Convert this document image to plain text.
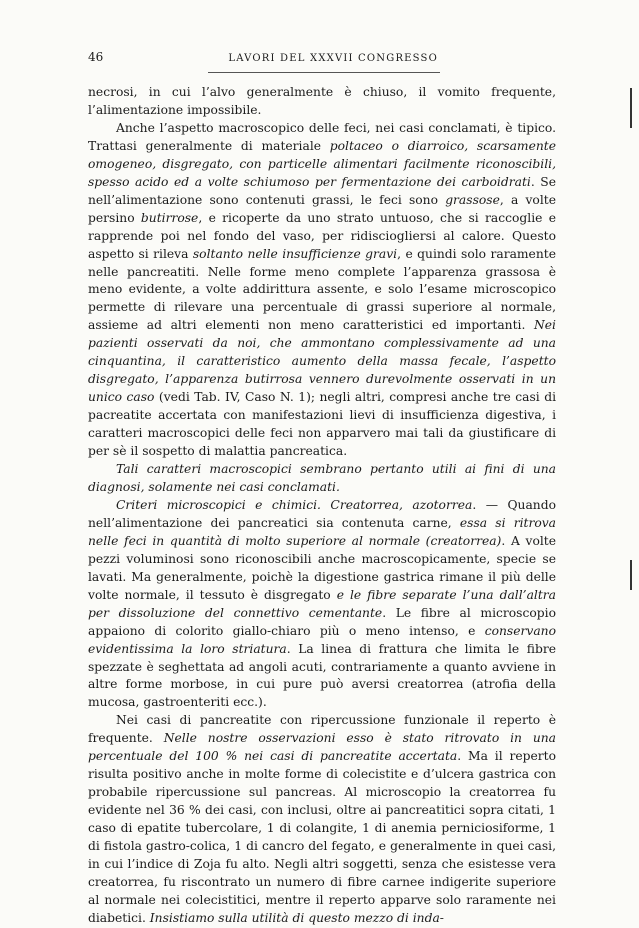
46	LAVORI DEL XXXVII CONGRESSO

necrosi, in cui l’alvo generalmente è chiuso, il vomito frequente, l’alimentazione impossibile.

Anche l’aspetto macroscopico delle feci, nei casi conclamati, è tipico. Trattasi generalmente di materiale poltaceo o diarroico, scarsamente omogeneo, disgregato, con particelle alimentari facilmente riconoscibili, spesso acido ed a volte schiumoso per fermentazione dei carboidrati. Se nell’alimentazione sono contenuti grassi, le feci sono grassose, a volte persino butirrose, e ricoperte da uno strato untuoso, che si raccoglie e rapprende poi nel fondo del vaso, per ridisciogliersi al calore. Questo aspetto si rileva soltanto nelle insufficienze gravi, e quindi solo raramente nelle pancreatiti. Nelle forme meno complete l’apparenza grassosa è meno evidente, a volte addirittura assente, e solo l’esame microscopico permette di rilevare una percentuale di grassi superiore al normale, assieme ad altri elementi non meno caratteristici ed importanti. Nei pazienti osservati da noi, che ammontano complessivamente ad una cinquantina, il caratteristico aumento della massa fecale, l’aspetto disgregato, l’apparenza butirrosa vennero durevolmente osservati in un unico caso (vedi Tab. IV, Caso N. 1); negli altri, compresi anche tre casi di pacreatite accertata con manifestazioni lievi di insufficienza digestiva, i caratteri macroscopici delle feci non apparvero mai tali da giustificare di per sè il sospetto di malattia pancreatica.

Tali caratteri macroscopici sembrano pertanto utili ai fini di una diagnosi, solamente nei casi conclamati.

Criteri microscopici e chimici. Creatorrea, azotorrea. — Quando nell’alimentazione dei pancreatici sia contenuta carne, essa si ritrova nelle feci in quantità di molto superiore al normale (creatorrea). A volte pezzi voluminosi sono riconoscibili anche macroscopicamente, specie se lavati. Ma generalmente, poichè la digestione gastrica rimane il più delle volte normale, il tessuto è disgregato e le fibre separate l’una dall’altra per dissoluzione del connettivo cementante. Le fibre al microscopio appaiono di colorito giallo-chiaro più o meno intenso, e conservano evidentissima la loro striatura. La linea di frattura che limita le fibre spezzate è seghettata ad angoli acuti, contrariamente a quanto avviene in altre forme morbose, in cui pure può aversi creatorrea (atrofia della mucosa, gastroenteriti ecc.).

Nei casi di pancreatite con ripercussione funzionale il reperto è frequente. Nelle nostre osservazioni esso è stato ritrovato in una percentuale del 100 % nei casi di pancreatite accertata. Ma il reperto risulta positivo anche in molte forme di colecistite e d’ulcera gastrica con probabile ripercussione sul pancreas. Al microscopio la creatorrea fu evidente nel 36 % dei casi, con inclusi, oltre ai pancreatitici sopra citati, 1 caso di epatite tubercolare, 1 di colangite, 1 di anemia perniciosiforme, 1 di fistola gastro-colica, 1 di cancro del fegato, e generalmente in quei casi, in cui l’indice di Zoja fu alto. Negli altri soggetti, senza che esistesse vera creatorrea, fu riscontrato un numero di fibre carnee indigerite superiore al normale nei colecistitici, mentre il reperto apparve solo raramente nei diabetici. Insistiamo sulla utilità di questo mezzo di inda-
